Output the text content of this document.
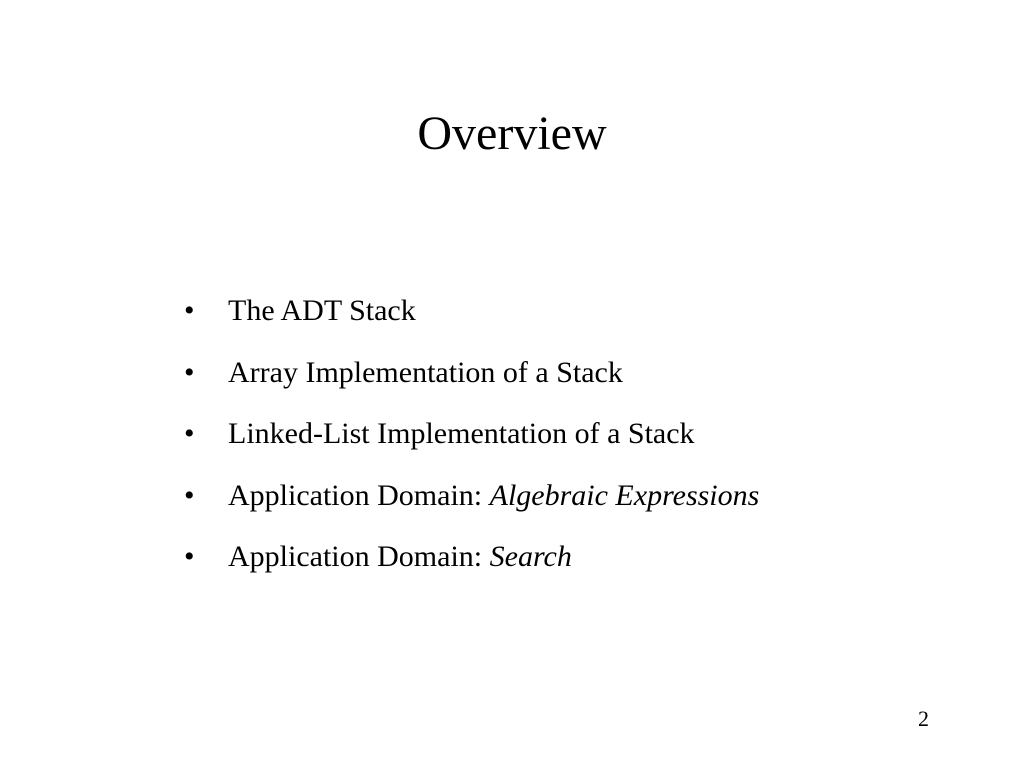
Overview
•	The ADT Stack
•	Array Implementation of a Stack
•	Linked-List Implementation of a Stack
•	Application Domain: Algebraic Expressions
•	Application Domain: Search
2
